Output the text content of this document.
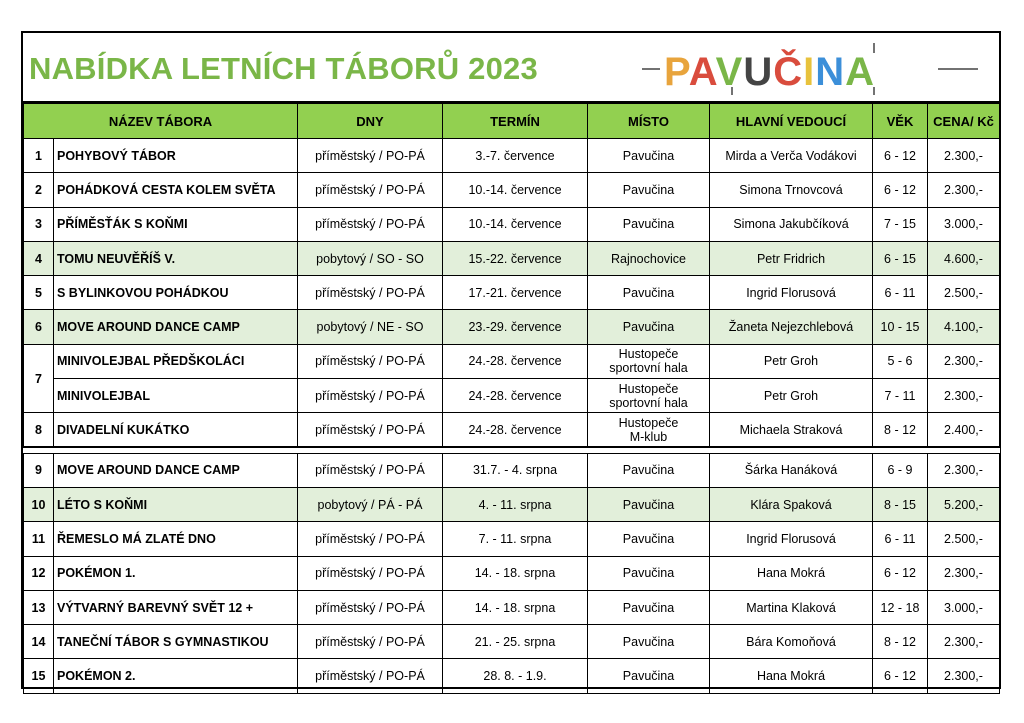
NABÍDKA LETNÍCH TÁBORŮ 2023	PAVUČINA
NÁZEV TÁBORA		DNY	TERMÍN	MÍSTO	HLAVNÍ VEDOUCÍ	VĚK	CENA/ Kč
1	POHYBOVÝ TÁBOR	příměstský / PO-PÁ	3.-7. července	Pavučina	Mirda a Verča Vodákovi	6 - 12	2.300,-
2	POHÁDKOVÁ CESTA KOLEM SVĚTA	příměstský / PO-PÁ	10.-14. července	Pavučina	Simona Trnovcová	6 - 12	2.300,-
3	PŘÍMĚSŤÁK S KOŇMI	příměstský / PO-PÁ	10.-14. července	Pavučina	Simona Jakubčíková	7 - 15	3.000,-
4	TOMU NEUVĚŘÍŠ V.	pobytový / SO - SO	15.-22. července	Rajnochovice	Petr Fridrich	6 - 15	4.600,-
5	S BYLINKOVOU POHÁDKOU	příměstský / PO-PÁ	17.-21. července	Pavučina	Ingrid Florusová	6 - 11	2.500,-
6	MOVE AROUND DANCE CAMP	pobytový / NE - SO	23.-29. července	Pavučina	Žaneta Nejezchlebová	10 - 15	4.100,-
7	MINIVOLEJBAL PŘEDŠKOLÁCI	příměstský / PO-PÁ	24.-28. července	Hustopeče
sportovní hala	Petr Groh	5 - 6	2.300,-
	MINIVOLEJBAL	příměstský / PO-PÁ	24.-28. července	Hustopeče
sportovní hala	Petr Groh	7 - 11	2.300,-
8	DIVADELNÍ KUKÁTKO	příměstský / PO-PÁ	24.-28. července	Hustopeče
M-klub	Michaela Straková	8 - 12	2.400,-

9	MOVE AROUND DANCE CAMP	příměstský / PO-PÁ	31.7. - 4. srpna	Pavučina	Šárka Hanáková	6 - 9	2.300,-
10	LÉTO S KOŇMI	pobytový / PÁ - PÁ	4. - 11. srpna	Pavučina	Klára Spaková	8 - 15	5.200,-
11	ŘEMESLO MÁ ZLATÉ DNO	příměstský / PO-PÁ	7. - 11. srpna	Pavučina	Ingrid Florusová	6 - 11	2.500,-
12	POKÉMON 1.	příměstský / PO-PÁ	14. - 18. srpna	Pavučina	Hana Mokrá	6 - 12	2.300,-
13	VÝTVARNÝ BAREVNÝ SVĚT 12 +	příměstský / PO-PÁ	14. - 18. srpna	Pavučina	Martina Klaková	12 - 18	3.000,-
14	TANEČNÍ TÁBOR S GYMNASTIKOU	příměstský / PO-PÁ	21. - 25. srpna	Pavučina	Bára Komoňová	8 - 12	2.300,-
15	POKÉMON 2.	příměstský / PO-PÁ	28. 8. - 1.9.	Pavučina	Hana Mokrá	6 - 12	2.300,-
